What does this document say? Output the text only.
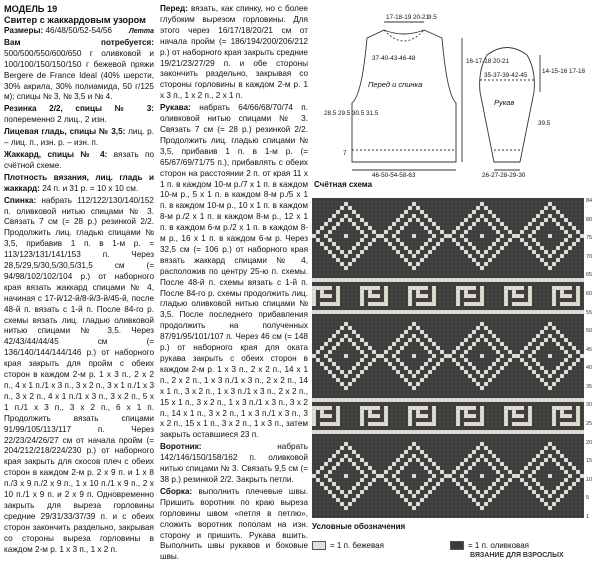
МОДЕЛЬ 19
Свитер с жаккардовым узором
Летта

Размеры: 46/48/50/52-54/56

Вам потребуется: 500/500/550/600/650 г оливковой и 100/100/150/150/150 г бежевой пряжи Bergere de France Ideal (40% шерсти, 30% акрила, 30% полиамида, 50 г/125 м); спицы № 3, № 3,5 и № 4.

Резинка 2/2, спицы № 3: попеременно 2 лиц., 2 изн.

Лицевая гладь, спицы № 3,5: лиц. р. – лиц. п., изн. р. – изн. п.

Жаккард, спицы № 4: вязать по счётной схеме.

Плотность вязания, лиц. гладь и жаккард: 24 п. и 31 р. = 10 х 10 см.

Спинка: набрать 112/122/130/140/152 п. оливковой нитью спицами № 3. Связать 7 см (= 28 р.) резинкой 2/2. Продолжить лиц. гладью спицами № 3,5, прибавив 1 п. в 1-м р. = 113/123/131/141/153 п. Через 28,5/29,5/30,5/30,5/31,5 см (= 94/98/102/102/104 р.) от наборного края вязать жаккард спицами № 4, начиная с 17-й/12-й/8-й/3-й/45-й, после 48-й п. вязать с 1-й п. После 84-го р. схемы вязать лиц. гладью оливковой нитью спицами № 3,5. Через 42/43/44/44/45 см (= 136/140/144/144/146 р.) от наборного края закрыть для пройм с обеих сторон в каждом 2-м р. 1 х 3 п., 2 х 2 п., 4 х 1 п./1 х 3 п., 3 х 2 п., 3 х 1 п./1 х 3 п., 3 х 2 п., 4 х 1 п./1 х 3 п., 3 х 2 п., 5 х 1 п./1 х 3 п., 3 х 2 п., 6 х 1 п. Продолжить вязать спицами 91/99/105/113/117 п. Через 22/23/24/26/27 см от начала пройм (= 204/212/218/224/230 р.) от наборного края закрыть для скосов плеч с обеих сторон в каждом 2-м р. 2 х 9 п. и 1 х 8 п./3 х 9 п./2 х 9 п., 1 х 10 п./1 х 9 п., 2 х 10 п./1 х 9 п. и 2 х 9 п. Одновременно закрыть для выреза горловины средние 29/31/33/37/39 п. и с обеих сторон закончить раздельно, закрывая со стороны выреза горловины в каждом 2-м р. 1 х 3 п., 1 х 2 п.

Перед: вязать, как спинку, но с более глубоким вырезом горловины. Для этого через 16/17/18/20/21 см от начала пройм (= 186/194/200/206/212 р.) от наборного края закрыть средние 19/21/23/27/29 п. и обе стороны закончить раздельно, закрывая со стороны горловины в каждом 2-м р. 1 х 3 п., 1 х 2 п., 2 х 1 п.

Рукава: набрать 64/66/68/70/74 п. оливковой нитью спицами № 3. Связать 7 см (= 28 р.) резинкой 2/2. Продолжить лиц. гладью спицами № 3,5, прибавив 1 п. в 1-м р. (= 65/67/69/71/75 п.), прибавлять с обеих сторон на расстоянии 2 п. от края 11 х 1 п. в каждом 10-м р./7 х 1 п. в каждом 10-м р., 5 х 1 п. в каждом 8-м р./5 х 1 п. в каждом 10-м р., 10 х 1 п. в каждом 8-м р./2 х 1 п. в каждом 8-м р., 12 х 1 п. в каждом 6-м р./2 х 1 п. в каждом 8-м р., 16 х 1 п. в каждом 6-м р. Через 32,5 см (= 106 р.) от наборного края вязать жаккард спицами № 4, расположив по центру 25-ю п. схемы. После 48-й п. схемы вязать с 1-й п. После 84-го р. схемы продолжить лиц. гладью оливковой нитью спицами № 3,5. После последнего прибавления продолжить на полученных 87/91/95/101/107 п. Через 46 см (= 148 р.) от наборного края для оката рукава закрыть с обеих сторон в каждом 2-м р. 1 х 3 п., 2 х 2 п., 14 х 1 п., 2 х 2 п., 1 х 3 п./1 х 3 п., 2 х 2 п., 14 х 1 п., 3 х 2 п., 1 х 3 п./1 х 3 п., 2 х 2 п., 15 х 1 п., 3 х 2 п., 1 х 3 п./1 х 3 п., 3 х 2 п., 14 х 1 п., 3 х 2 п., 1 х 3 п./1 х 3 п., 3 х 2 п., 15 х 1 п., 3 х 2 п., 1 х 3 п., затем закрыть оставшиеся 23 п.

Воротник: набрать 142/146/150/158/162 п. оливковой нитью спицами № 3. Связать 9,5 см (= 38 р.) резинкой 2/2. Закрыть петли.

Сборка: выполнить плечевые швы. Пришить воротник по краю выреза горловины швом «петля в петлю», сложить воротник пополам на изн. сторону и пришить. Рукава вшить. Выполнить швы рукавов и боковые швы.

17-18-19 20-21
37-40-43-46-48
Перед и спинка
46-50-54-58-63
16-17-18 20-21
14-15-16 17-18
35-37-39-42-45
Рукав
26-27-28-29-30
7
28.5 29.5 30.5 31.5
39.5
9.5
Счётная схема
84
80
75
70
65
60
55
50
45
40
35
30
25
20
15
10
5
1
Условные обозначения
= 1 п. бежевая	= 1 п. оливковая
ВЯЗАНИЕ ДЛЯ ВЗРОСЛЫХ
